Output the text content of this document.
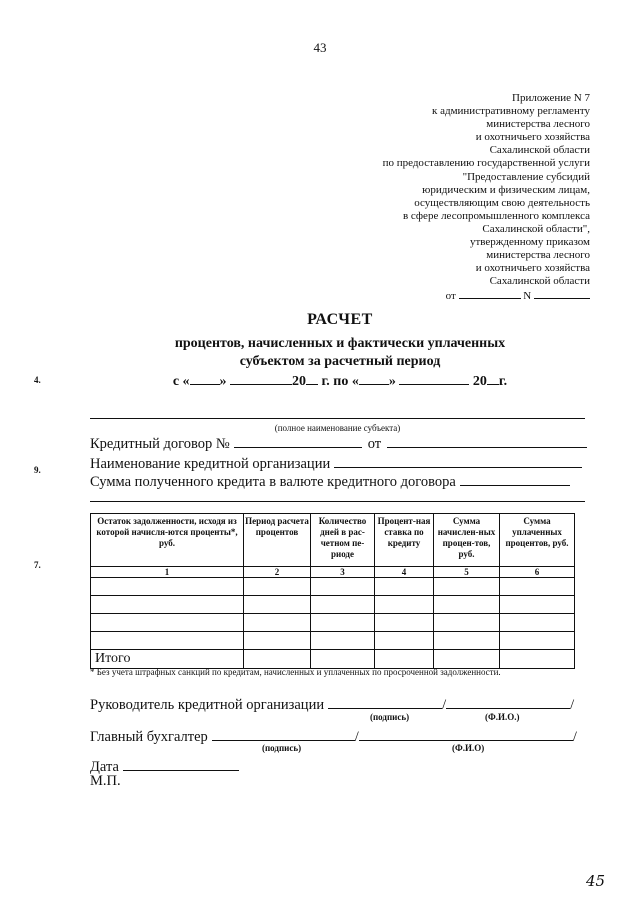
43
Приложение N 7
к административному регламенту
министерства лесного
и охотничьего хозяйства
Сахалинской области
по предоставлению государственной услуги
"Предоставление субсидий
юридическим и физическим лицам,
осуществляющим свою деятельность
в сфере лесопромышленного комплекса
Сахалинской области",
утвержденному приказом
министерства лесного
и охотничьего хозяйства
Сахалинской области
от	N
РАСЧЕТ
процентов, начисленных и фактически уплаченных
субъектом за расчетный период
с « »	20 г. по « »	20 г.
4.
9.
7.
(полное наименование субъекта)
Кредитный договор №	от
Наименование кредитной организации
Сумма полученного кредита в валюте кредитного договора
Остаток задолженности, исходя из которой начисля-ются проценты*, руб.	Период расчета процентов	Количество дней в рас-четном пе-риоде	Процент-ная ставка по кредиту	Сумма начислен-ных процен-тов, руб.	Сумма уплаченных процентов, руб.
1	2	3	4	5	6

Итого					
* Без учета штрафных санкций по кредитам, начисленных и уплаченных по просроченной задолженности.
Руководитель кредитной организации	/	/
(подпись)	(Ф.И.О.)
Главный бухгалтер	/	/
(подпись)	(Ф.И.О)
Дата
М.П.
45
